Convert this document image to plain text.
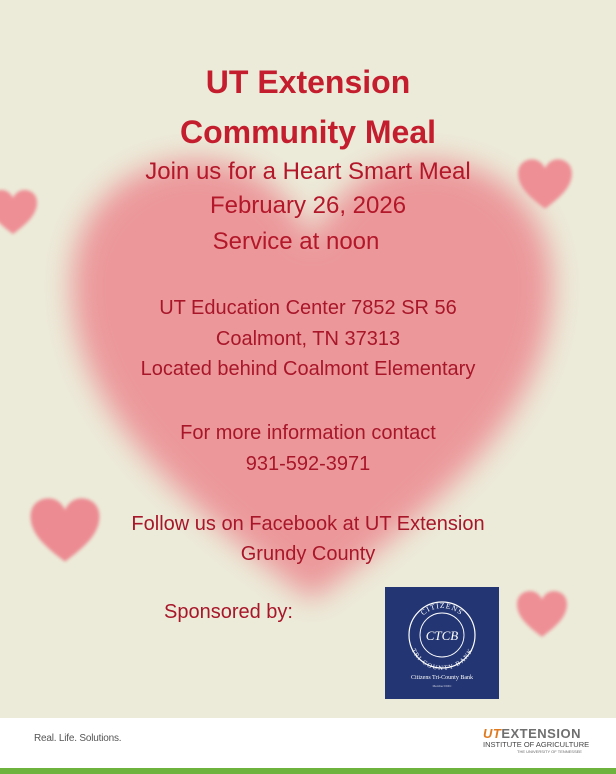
UT Extension
Community Meal
Join us for a Heart Smart Meal
February 26, 2026
Service at noon
UT Education Center 7852 SR 56
Coalmont, TN 37313
Located behind Coalmont Elementary
For more information contact
931-592-3971
Follow us on Facebook at UT Extension
Grundy County
Sponsored by:	CITIZENS
TRI-COUNTY BANK
CTCB
Citizens Tri-County Bank
Member FDIC
Real. Life. Solutions.	UTEXTENSION
INSTITUTE OF AGRICULTURE
THE UNIVERSITY OF TENNESSEE
